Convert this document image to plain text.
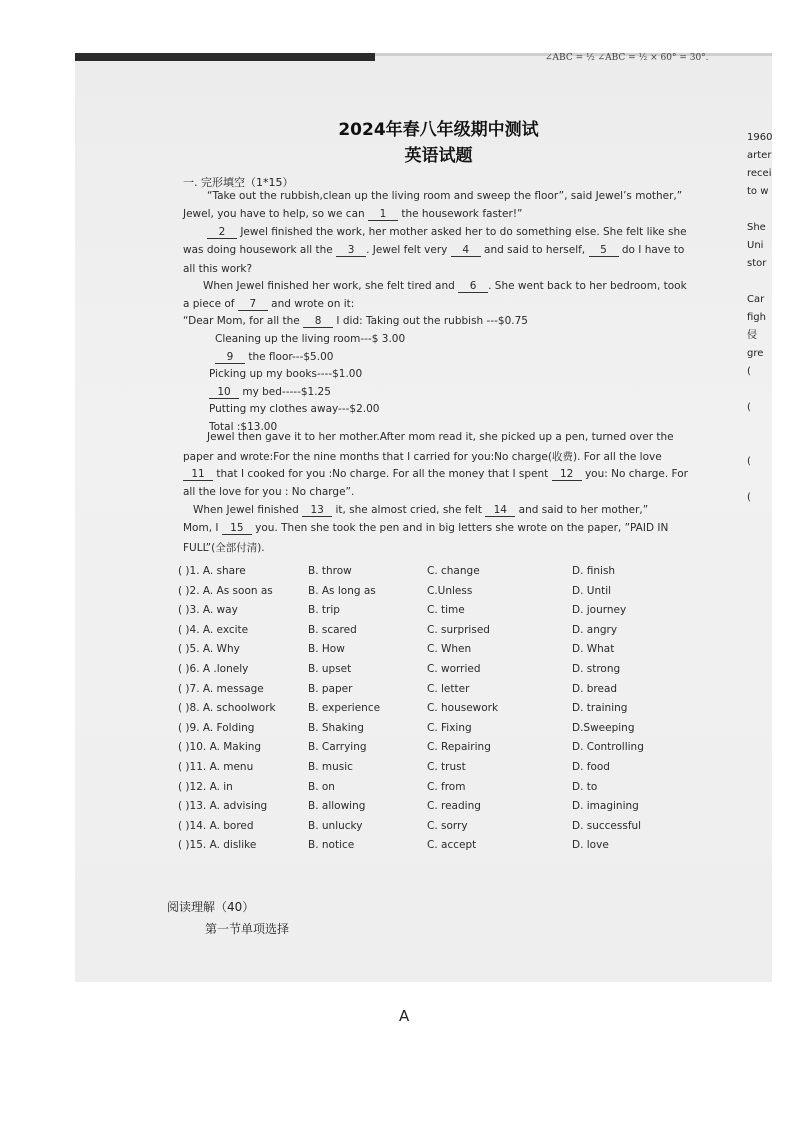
∠ABC = ½ ∠ABC = ½ × 60° = 30°.
1960
arter
recei
to w
She
Uni
stor
Car
figh
侵
gre
(
(
(
(
2024年春八年级期中测试
英语试题
一. 完形填空（1*15）
“Take out the rubbish,clean up the living room and sweep the floor”, said Jewel’s mother,”
Jewel, you have to help, so we can 1 the housework faster!”
2 Jewel finished the work, her mother asked her to do something else. She felt like she
was doing housework all the 3 . Jewel felt very 4 and said to herself, 5 do I have to
all this work?
When Jewel finished her work, she felt tired and 6 . She went back to her bedroom, took
a piece of 7 and wrote on it:
“Dear Mom, for all the 8 I did: Taking out the rubbish ---$0.75
Cleaning up the living room---$ 3.00
9 the floor---$5.00
Picking up my books----$1.00
10 my bed-----$1.25
Putting my clothes away---$2.00
Total :$13.00
Jewel then gave it to her mother.After mom read it, she picked up a pen, turned over the
paper and wrote:For the nine months that I carried for you:No charge(收费). For all the love
11 that I cooked for you :No charge. For all the money that I spent 12 you: No charge. For
all the love for you : No charge”.
When Jewel finished 13 it, she almost cried, she felt 14 and said to her mother,”
Mom, I 15 you. Then she took the pen and in big letters she wrote on the paper, ”PAID IN
FULL”(全部付清).
( )1. A. share	B. throw	C. change	D. finish
( )2. A. As soon as	B. As long as	C.Unless	D. Until
( )3. A. way	B. trip	C. time	D. journey
( )4. A. excite	B. scared	C. surprised	D. angry
( )5. A. Why	B. How	C. When	D. What
( )6. A .lonely	B. upset	C. worried	D. strong
( )7. A. message	B. paper	C. letter	D. bread
( )8. A. schoolwork	B. experience	C. housework	D. training
( )9. A. Folding	B. Shaking	C. Fixing	D.Sweeping
( )10. A. Making	B. Carrying	C. Repairing	D. Controlling
( )11. A. menu	B. music	C. trust	D. food
( )12. A. in	B. on	C. from	D. to
( )13. A. advising	B. allowing	C. reading	D. imagining
( )14. A. bored	B. unlucky	C. sorry	D. successful
( )15. A. dislike	B. notice	C. accept	D. love
阅读理解（40）
第一节单项选择
A
